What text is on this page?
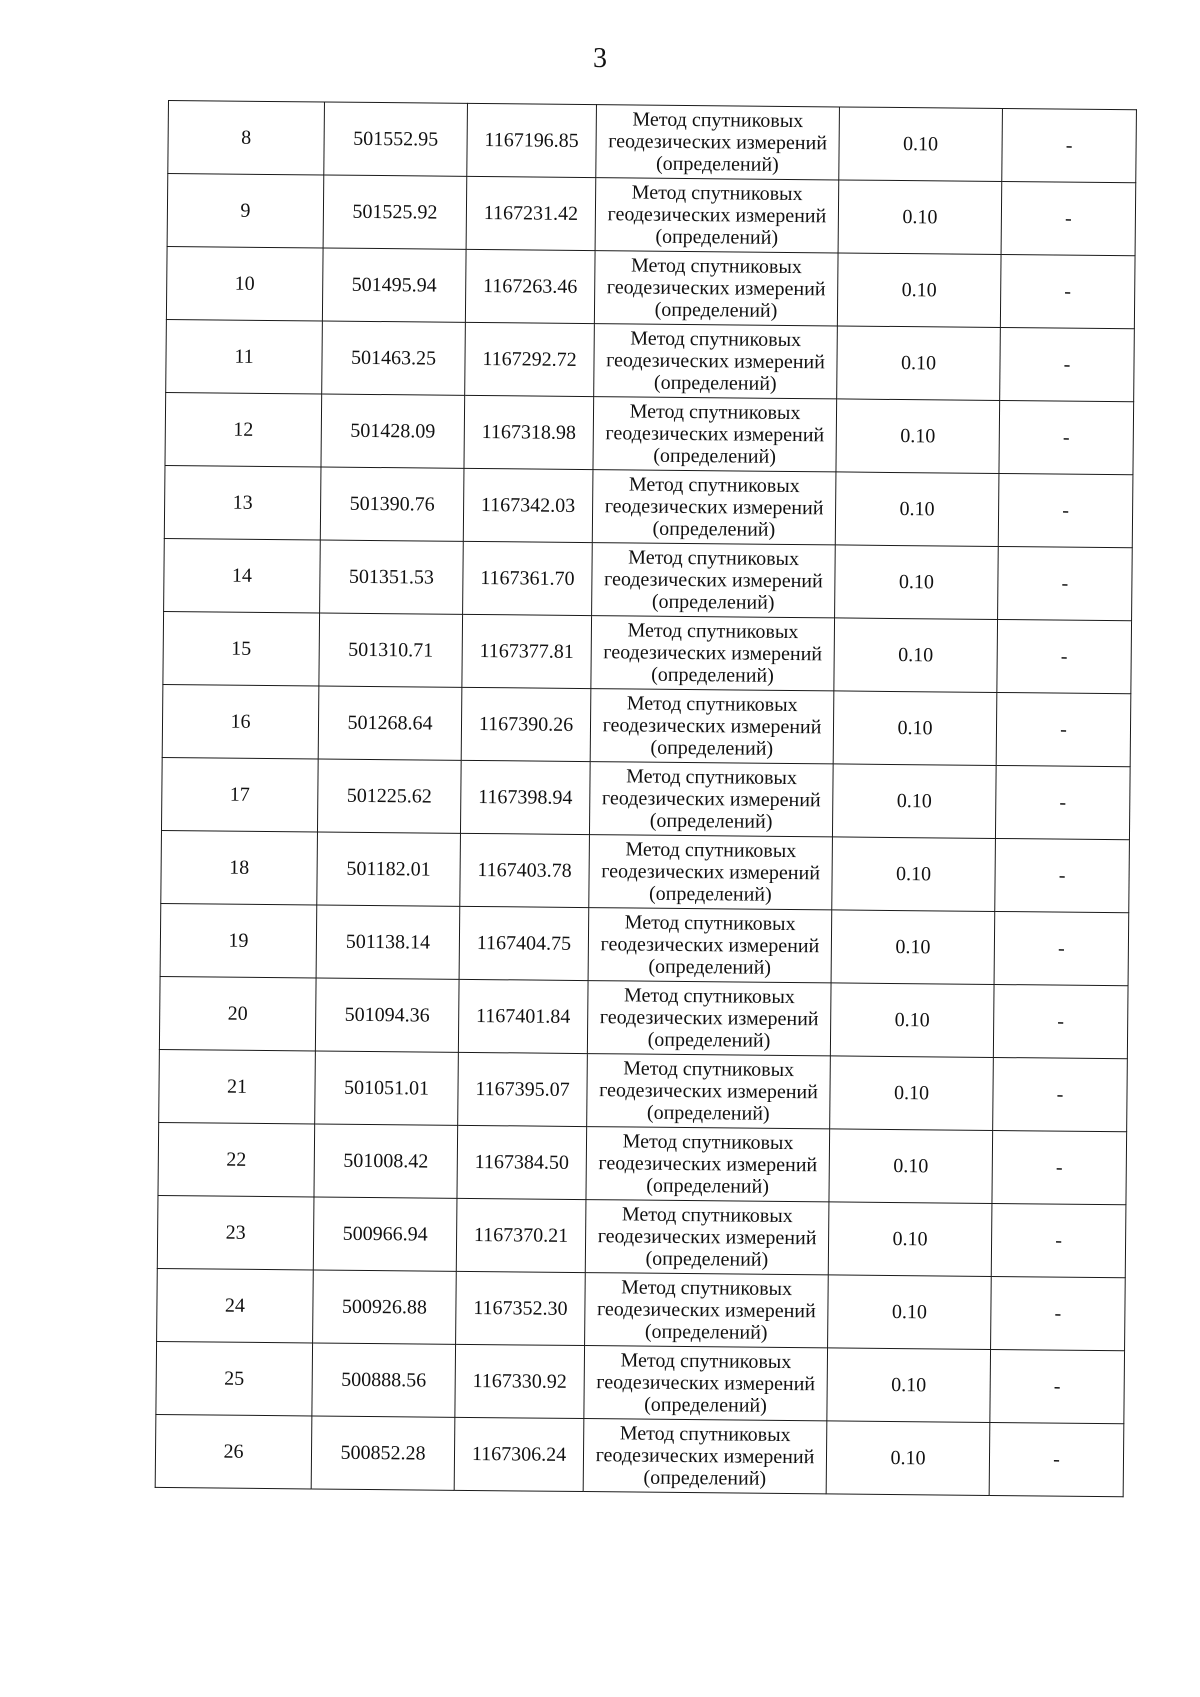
3
8	501552.95	1167196.85	Метод спутниковых
геодезических измерений
(определений)	0.10	-
9	501525.92	1167231.42	Метод спутниковых
геодезических измерений
(определений)	0.10	-
10	501495.94	1167263.46	Метод спутниковых
геодезических измерений
(определений)	0.10	-
11	501463.25	1167292.72	Метод спутниковых
геодезических измерений
(определений)	0.10	-
12	501428.09	1167318.98	Метод спутниковых
геодезических измерений
(определений)	0.10	-
13	501390.76	1167342.03	Метод спутниковых
геодезических измерений
(определений)	0.10	-
14	501351.53	1167361.70	Метод спутниковых
геодезических измерений
(определений)	0.10	-
15	501310.71	1167377.81	Метод спутниковых
геодезических измерений
(определений)	0.10	-
16	501268.64	1167390.26	Метод спутниковых
геодезических измерений
(определений)	0.10	-
17	501225.62	1167398.94	Метод спутниковых
геодезических измерений
(определений)	0.10	-
18	501182.01	1167403.78	Метод спутниковых
геодезических измерений
(определений)	0.10	-
19	501138.14	1167404.75	Метод спутниковых
геодезических измерений
(определений)	0.10	-
20	501094.36	1167401.84	Метод спутниковых
геодезических измерений
(определений)	0.10	-
21	501051.01	1167395.07	Метод спутниковых
геодезических измерений
(определений)	0.10	-
22	501008.42	1167384.50	Метод спутниковых
геодезических измерений
(определений)	0.10	-
23	500966.94	1167370.21	Метод спутниковых
геодезических измерений
(определений)	0.10	-
24	500926.88	1167352.30	Метод спутниковых
геодезических измерений
(определений)	0.10	-
25	500888.56	1167330.92	Метод спутниковых
геодезических измерений
(определений)	0.10	-
26	500852.28	1167306.24	Метод спутниковых
геодезических измерений
(определений)	0.10	-
